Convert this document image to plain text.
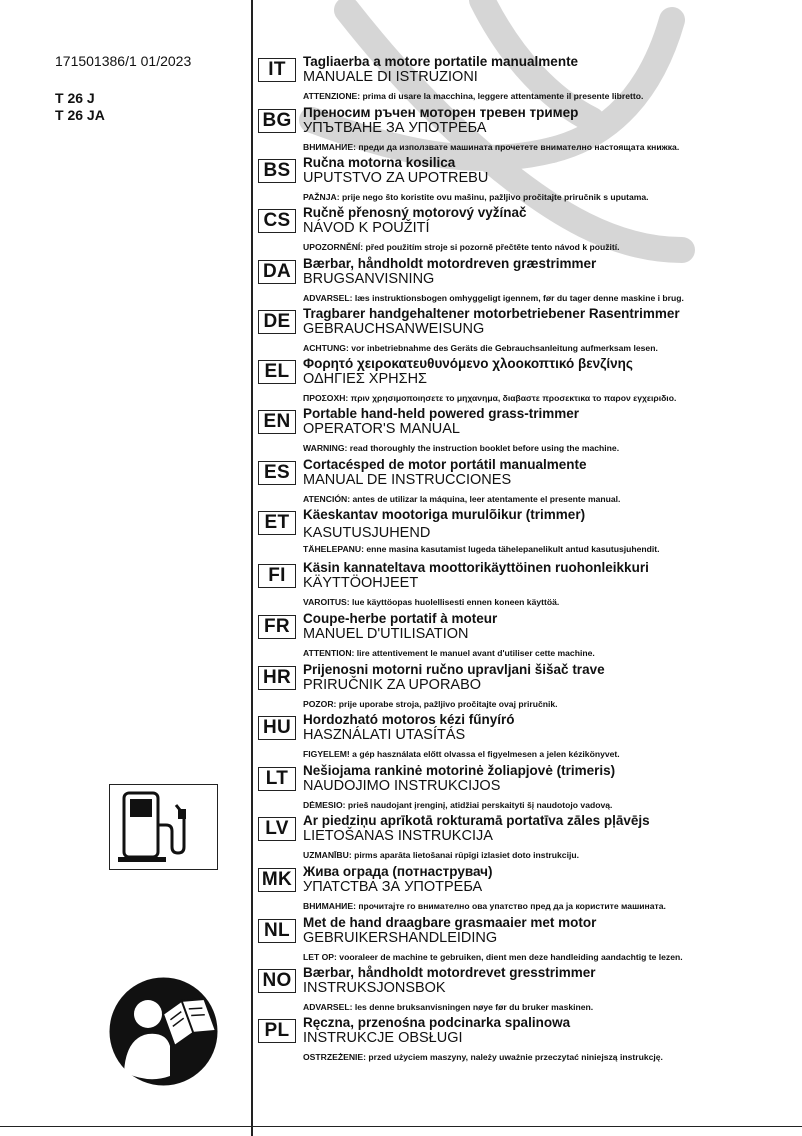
171501386/1 01/2023
T 26 J
T 26 JA
IT	Tagliaerba a motore portatile manualmente
MANUALE DI ISTRUZIONI
ATTENZIONE: prima di usare la macchina, leggere attentamente il presente libretto.
BG Преносим ръчен моторен тревен тример
УПЪТВАНЕ ЗА УПОТРЕБА
ВНИМАНИЕ: преди да използвате машината прочетете внимателно настоящата книжка.
BS Ručna motorna kosilica
UPUTSTVO ZA UPOTREBU
PAŽNJA: prije nego što koristite ovu mašinu, pažljivo pročitajte priručnik s uputama.
CS Ručně přenosný motorový vyžínač
NÁVOD K POUŽITÍ
UPOZORNĚNÍ: před použitím stroje si pozorně přečtěte tento návod k použití.
DA Bærbar, håndholdt motordreven græstrimmer
BRUGSANVISNING
ADVARSEL: læs instruktionsbogen omhyggeligt igennem, før du tager denne maskine i brug.
DE Tragbarer handgehaltener motorbetriebener Rasentrimmer
GEBRAUCHSANWEISUNG
ACHTUNG: vor inbetriebnahme des Geräts die Gebrauchsanleitung aufmerksam lesen.
EL	Φορητό χειροκατευθυνόμενο χλοοκοπτικό βενζίνης
ΟΔΗΓΙΕΣ ΧΡΗΣΗΣ
ΠΡΟΣΟΧΗ: πριν χρησιμοποιησετε το μηχανημα, διαβαστε προσεκτικα το παρον εγχειριδιο.
EN Portable hand-held powered grass-trimmer
OPERATOR'S MANUAL
WARNING: read thoroughly the instruction booklet before using the machine.
ES Cortacésped de motor portátil manualmente
MANUAL DE INSTRUCCIONES
ATENCIÓN: antes de utilizar la máquina, leer atentamente el presente manual.
ET	Käeskantav mootoriga murulõikur (trimmer)
KASUTUSJUHEND
TÄHELEPANU: enne masina kasutamist lugeda tähelepanelikult antud kasutusjuhendit.
FI	Käsin kannateltava moottorikäyttöinen ruohonleikkuri
KÄYTTÖOHJEET
VAROITUS: lue käyttöopas huolellisesti ennen koneen käyttöä.
FR Coupe-herbe portatif à moteur
MANUEL D'UTILISATION
ATTENTION: lire attentivement le manuel avant d'utiliser cette machine.
HR Prijenosni motorni ručno upravljani šišač trave
PRIRUČNIK ZA UPORABO
POZOR: prije uporabe stroja, pažljivo pročitajte ovaj priručnik.
HU Hordozható motoros kézi fűnyíró
HASZNÁLATI UTASÍTÁS
FIGYELEM! a gép használata előtt olvassa el figyelmesen a jelen kézikönyvet.
LT	Nešiojama rankinė motorinė žoliapjovė (trimeris)
NAUDOJIMO INSTRUKCIJOS
DĖMESIO: prieš naudojant įrenginį, atidžiai perskaityti šį naudotojo vadovą.
LV	Ar piedziņu aprīkotā rokturamā portatīva zāles pļāvējs
LIETOŠANAS INSTRUKCIJA
UZMANĪBU: pirms aparāta lietošanai rūpīgi izlasiet doto instrukciju.
MK Жива ограда (потнаструвач)
УПАТСТВА ЗА УПОТРЕБА
ВНИМАНИЕ: прочитајте го внимателно ова упатство пред да ја користите машината.
NL Met de hand draagbare grasmaaier met motor
GEBRUIKERSHANDLEIDING
LET OP: vooraleer de machine te gebruiken, dient men deze handleiding aandachtig te lezen.
NO Bærbar, håndholdt motordrevet gresstrimmer
INSTRUKSJONSBOK
ADVARSEL: les denne bruksanvisningen nøye før du bruker maskinen.
PL	Ręczna, przenośna podcinarka spalinowa
INSTRUKCJE OBSŁUGI
OSTRZEŻENIE: przed użyciem maszyny, należy uważnie przeczytać niniejszą instrukcję.
